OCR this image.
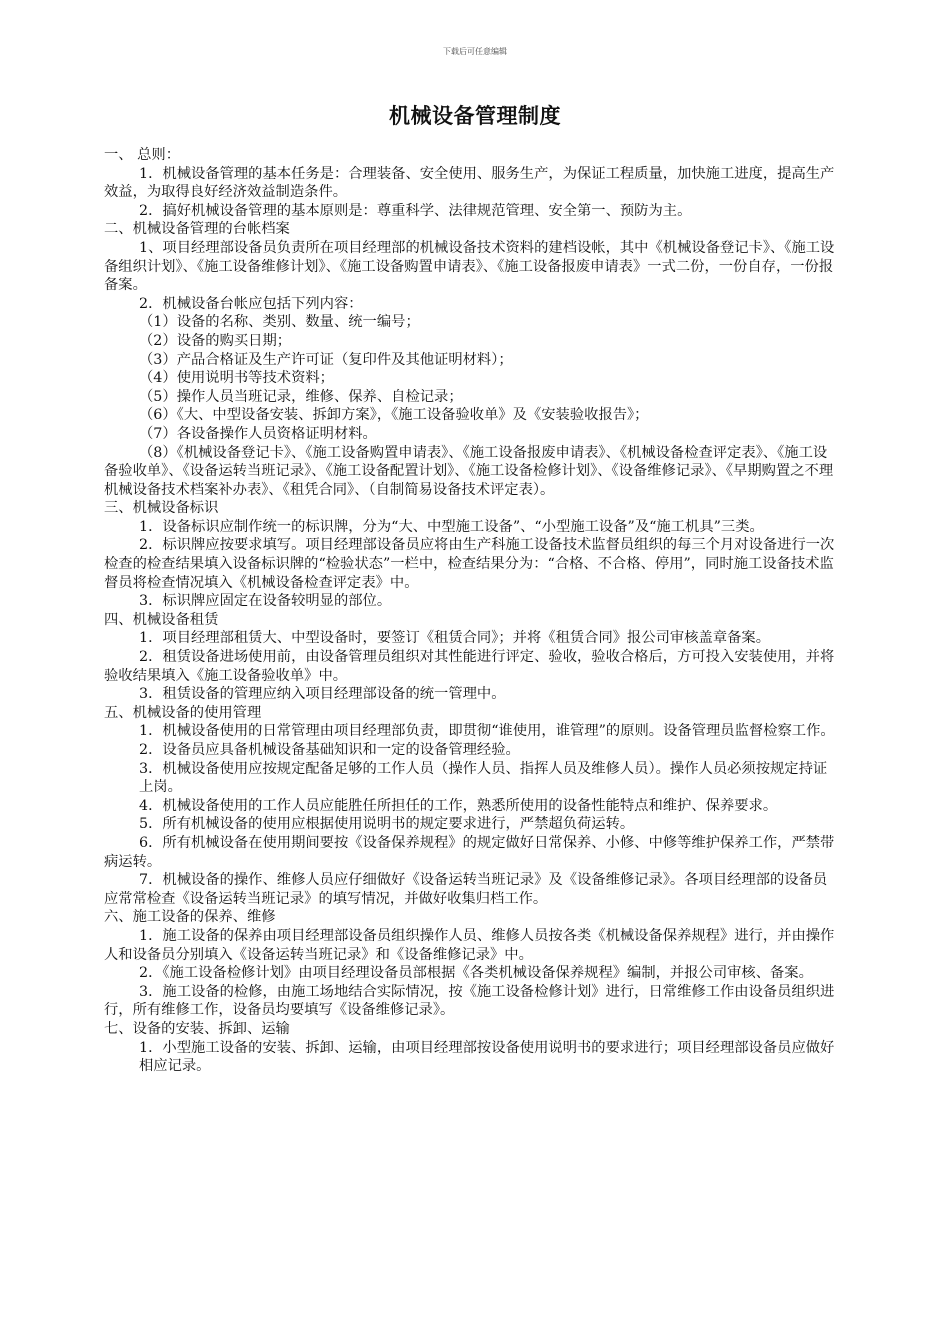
下载后可任意编辑
机械设备管理制度

一、 总则：

1．机械设备管理的基本任务是：合理装备、安全使用、服务生产，为保证工程质量，加快施工进度，提高生产效益，为取得良好经济效益制造条件。

2．搞好机械设备管理的基本原则是：尊重科学、法律规范管理、安全第一、预防为主。

二、机械设备管理的台帐档案

1、项目经理部设备员负责所在项目经理部的机械设备技术资料的建档设帐，其中《机械设备登记卡》、《施工设备组织计划》、《施工设备维修计划》、《施工设备购置申请表》、《施工设备报废申请表》一式二份，一份自存，一份报备案。

2．机械设备台帐应包括下列内容：

（1）设备的名称、类别、数量、统一编号；

（2）设备的购买日期；

（3）产品合格证及生产许可证（复印件及其他证明材料）；

（4）使用说明书等技术资料；

（5）操作人员当班记录，维修、保养、自检记录；

（6）《大、中型设备安装、拆卸方案》，《施工设备验收单》及《安装验收报告》；

（7）各设备操作人员资格证明材料。

（8）《机械设备登记卡》、《施工设备购置申请表》、《施工设备报废申请表》、《机械设备检查评定表》、《施工设备验收单》、《设备运转当班记录》、《施工设备配置计划》、《施工设备检修计划》、《设备维修记录》、《早期购置之不理机械设备技术档案补办表》、《租凭合同》、（自制简易设备技术评定表）。

三、机械设备标识

1．设备标识应制作统一的标识牌，分为“大、中型施工设备”、“小型施工设备”及“施工机具”三类。

2．标识牌应按要求填写。项目经理部设备员应将由生产科施工设备技术监督员组织的每三个月对设备进行一次检查的检查结果填入设备标识牌的“检验状态”一栏中，检查结果分为：“合格、不合格、停用”，同时施工设备技术监督员将检查情况填入《机械设备检查评定表》中。

3．标识牌应固定在设备较明显的部位。

四、机械设备租赁

1．项目经理部租赁大、中型设备时，要签订《租赁合同》；并将《租赁合同》报公司审核盖章备案。

2．租赁设备进场使用前，由设备管理员组织对其性能进行评定、验收，验收合格后，方可投入安装使用，并将验收结果填入《施工设备验收单》中。

3．租赁设备的管理应纳入项目经理部设备的统一管理中。

五、机械设备的使用管理

1．机械设备使用的日常管理由项目经理部负责，即贯彻“谁使用，谁管理”的原则。设备管理员监督检察工作。

2．设备员应具备机械设备基础知识和一定的设备管理经验。

3．机械设备使用应按规定配备足够的工作人员（操作人员、指挥人员及维修人员）。操作人员必须按规定持证上岗。

4．机械设备使用的工作人员应能胜任所担任的工作，熟悉所使用的设备性能特点和维护、保养要求。

5．所有机械设备的使用应根据使用说明书的规定要求进行，严禁超负荷运转。

6．所有机械设备在使用期间要按《设备保养规程》的规定做好日常保养、小修、中修等维护保养工作，严禁带病运转。

7．机械设备的操作、维修人员应仔细做好《设备运转当班记录》及《设备维修记录》。各项目经理部的设备员应常常检查《设备运转当班记录》的填写情况，并做好收集归档工作。

六、施工设备的保养、维修

1．施工设备的保养由项目经理部设备员组织操作人员、维修人员按各类《机械设备保养规程》进行，并由操作人和设备员分别填入《设备运转当班记录》和《设备维修记录》中。

2．《施工设备检修计划》由项目经理设备员部根据《各类机械设备保养规程》编制，并报公司审核、备案。

3．施工设备的检修，由施工场地结合实际情况，按《施工设备检修计划》进行，日常维修工作由设备员组织进行，所有维修工作，设备员均要填写《设备维修记录》。

七、设备的安装、拆卸、运输

1．小型施工设备的安装、拆卸、运输，由项目经理部按设备使用说明书的要求进行；项目经理部设备员应做好相应记录。
